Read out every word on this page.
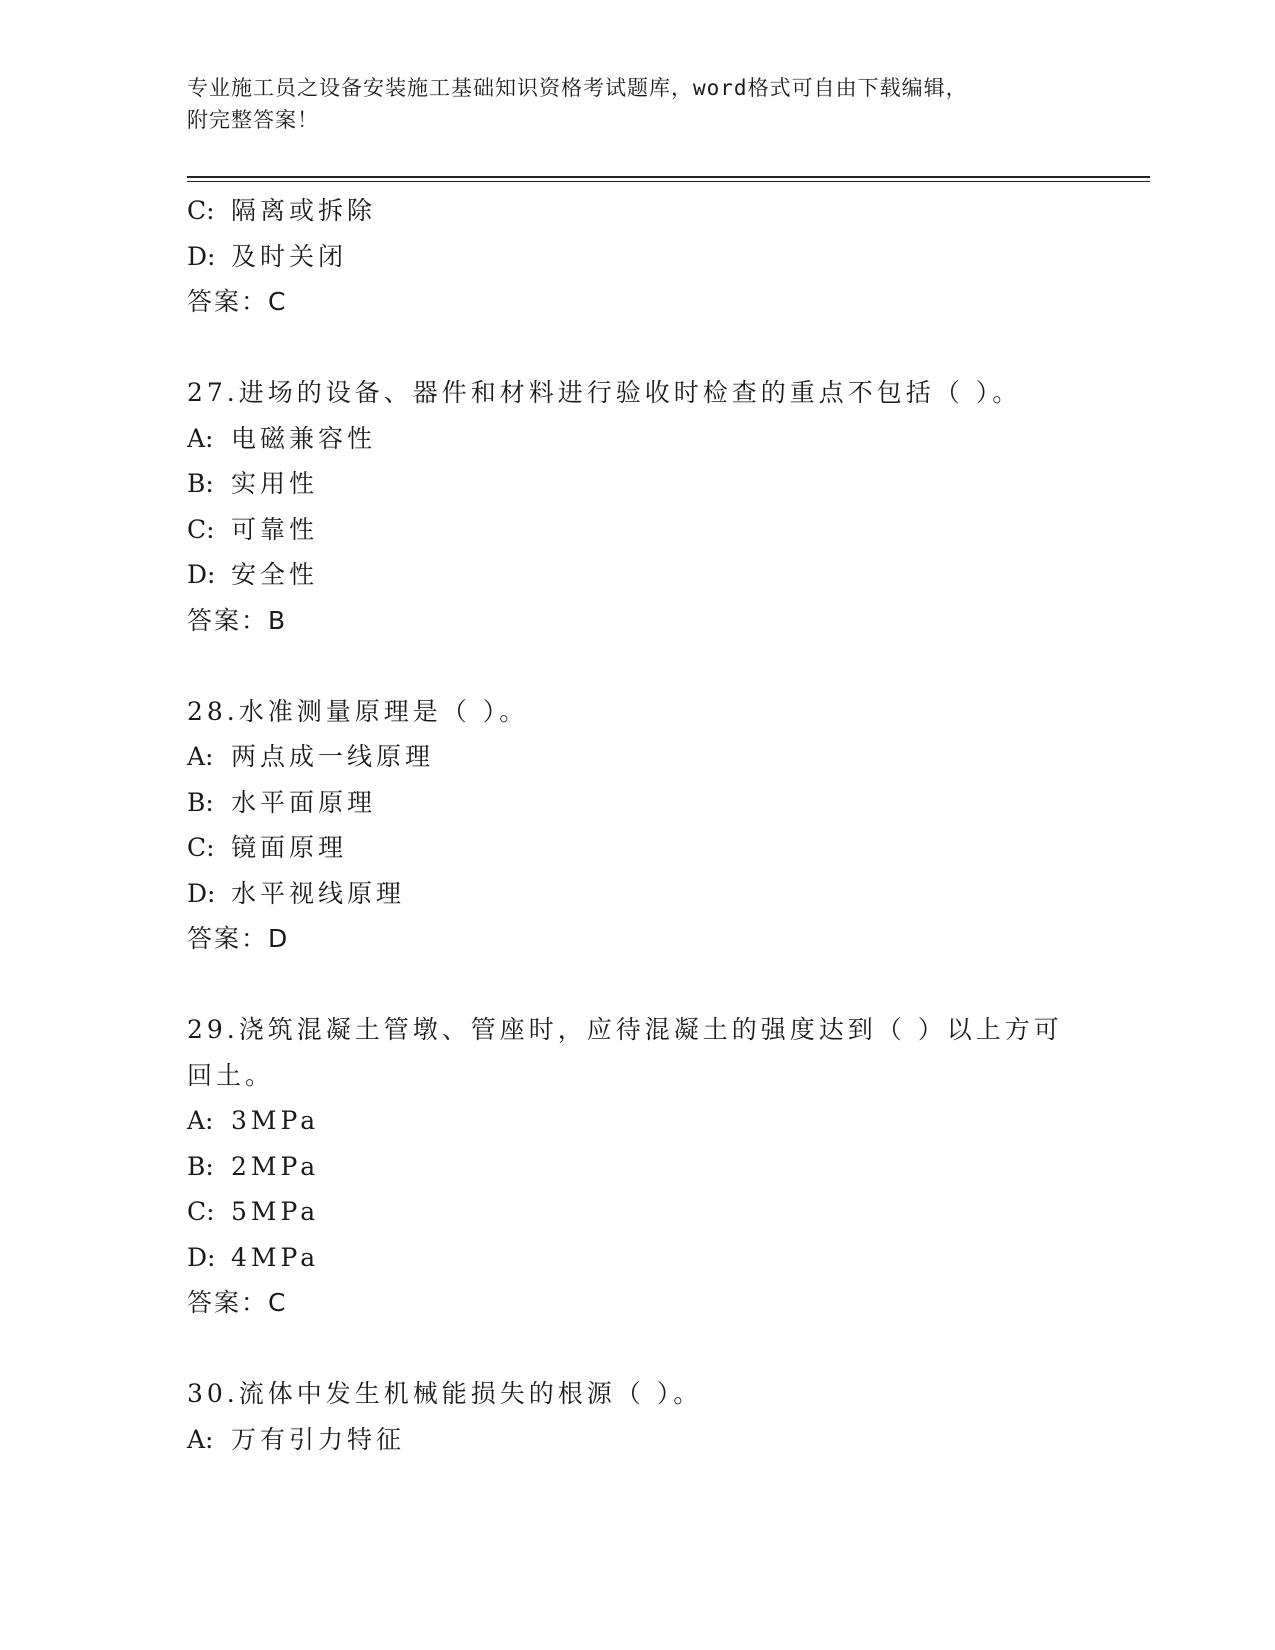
专业施工员之设备安装施工基础知识资格考试题库，word格式可自由下载编辑，
附完整答案！
C: 隔离或拆除
D: 及时关闭
答案：C
27.进场的设备、器件和材料进行验收时检查的重点不包括（ ）。
A: 电磁兼容性
B: 实用性
C: 可靠性
D: 安全性
答案：B
28.水准测量原理是（ ）。
A: 两点成一线原理
B: 水平面原理
C: 镜面原理
D: 水平视线原理
答案：D
29.浇筑混凝土管墩、管座时，应待混凝土的强度达到（ ）以上方可
回土。
A: 3MPa
B: 2MPa
C: 5MPa
D: 4MPa
答案：C
30.流体中发生机械能损失的根源（ ）。
A: 万有引力特征
